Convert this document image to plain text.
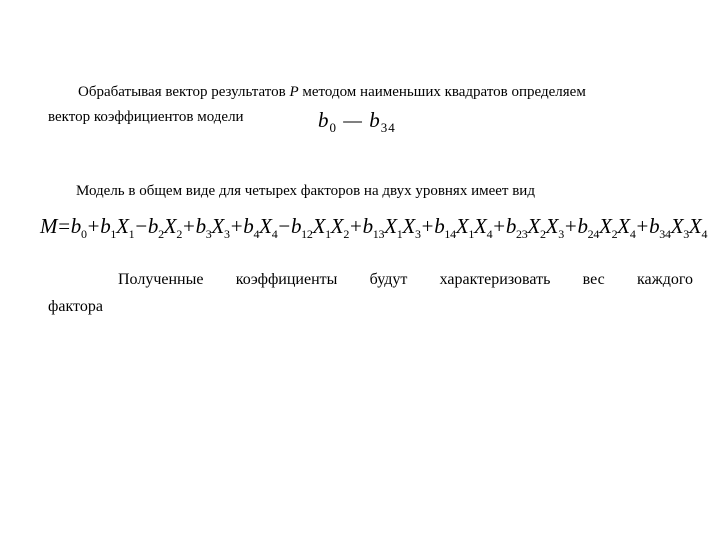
Обрабатывая вектор результатов P методом наименьших квадратов определяем
вектор коэффициентов модели	$b_0$ — $b_{34}$
Модель в общем виде для четырех факторов на двух уровнях имеет вид
$M=b_0+b_1X_1-b_2X_2+b_3X_3+b_4X_4-b_{12}X_1X_2+b_{13}X_1X_3+b_{14}X_1X_4+b_{23}X_2X_3+b_{24}X_2X_4+b_{34}X_3X_4$
Полученные коэффициенты будут характеризовать вес каждого
фактора
